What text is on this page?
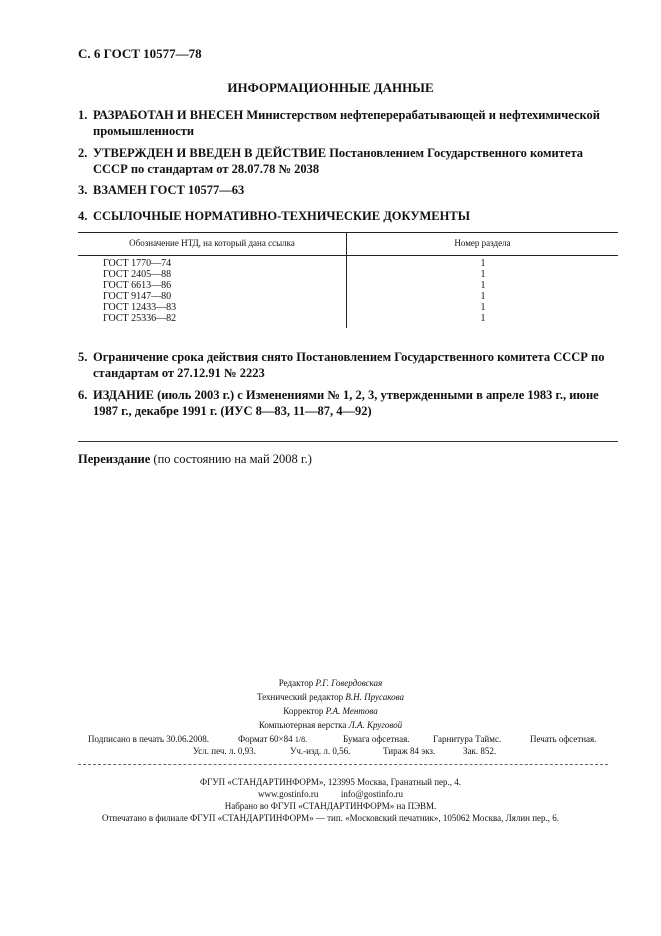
С. 6 ГОСТ 10577—78
ИНФОРМАЦИОННЫЕ ДАННЫЕ
1. РАЗРАБОТАН И ВНЕСЕН Министерством нефтеперерабатывающей и нефтехимической промышленности
2. УТВЕРЖДЕН И ВВЕДЕН В ДЕЙСТВИЕ Постановлением Государственного комитета СССР по стандартам от 28.07.78 № 2038
3. ВЗАМЕН ГОСТ 10577—63
4. ССЫЛОЧНЫЕ НОРМАТИВНО-ТЕХНИЧЕСКИЕ ДОКУМЕНТЫ
Обозначение НТД, на который дана ссылка	Номер раздела
ГОСТ 1770—74	1
ГОСТ 2405—88	1
ГОСТ 6613—86	1
ГОСТ 9147—80	1
ГОСТ 12433—83	1
ГОСТ 25336—82	1
5. Ограничение срока действия снято Постановлением Государственного комитета СССР по стандартам от 27.12.91 № 2223
6. ИЗДАНИЕ (июль 2003 г.) с Изменениями № 1, 2, 3, утвержденными в апреле 1983 г., июне 1987 г., декабре 1991 г. (ИУС 8—83, 11—87, 4—92)
Переиздание (по состоянию на май 2008 г.)
Редактор Р.Г. Говердовская
Технический редактор В.Н. Прусакова
Корректор Р.А. Ментова
Компьютерная верстка Л.А. Круговой
Подписано в печать 30.06.2008.	Формат 60×84 1/8.	Бумага офсетная.	Гарнитура Таймс.	Печать офсетная.
Усл. печ. л. 0,93.	Уч.-изд. л. 0,56.	Тираж 84 экз.	Зак. 852.
ФГУП «СТАНДАРТИНФОРМ», 123995 Москва, Гранатный пер., 4.
www.gostinfo.ru          info@gostinfo.ru
Набрано во ФГУП «СТАНДАРТИНФОРМ» на ПЭВМ.
Отпечатано в филиале ФГУП «СТАНДАРТИНФОРМ» — тип. «Московский печатник», 105062 Москва, Лялин пер., 6.
